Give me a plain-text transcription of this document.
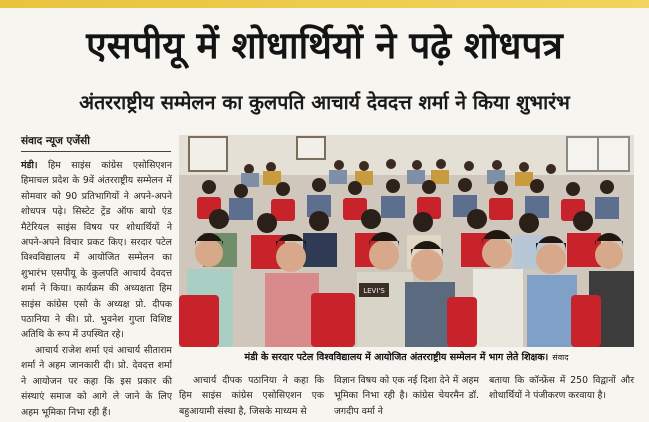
एसपीयू में शोधार्थियों ने पढ़े शोधपत्र
अंतरराष्ट्रीय सम्मेलन का कुलपति आचार्य देवदत्त शर्मा ने किया शुभारंभ
संवाद न्यूज एजेंसी

मंडी। हिम साइंस कांग्रेस एसोसिएशन हिमाचल प्रदेश के 9वें अंतरराष्ट्रीय सम्मेलन में सोमवार को 90 प्रतिभागियों ने अपने-अपने शोधपत्र पढ़े। सिस्टेट ट्रेंड ऑफ बायो एंड मैटेरियल साइंस विषय पर शोधार्थियों ने अपने-अपने विचार प्रकट किए। सरदार पटेल विश्वविद्यालय में आयोजित सम्मेलन का शुभारंभ एसपीयू के कुलपति आचार्य देवदत्त शर्मा ने किया। कार्यक्रम की अध्यक्षता हिम साइंस कांग्रेस एसो के अध्यक्ष प्रो. दीपक पठानिया ने की। प्रो. भुवनेश गुप्ता विशिष्ट अतिथि के रूप में उपस्थित रहे।

आचार्य राजेश शर्मा एवं आचार्य सीताराम शर्मा ने अहम जानकारी दी। प्रो. देवदत्त शर्मा ने आयोजन पर कहा कि इस प्रकार की संस्थाएं समाज को आगे ले जाने के लिए अहम भूमिका निभा रही हैं।

LEVI'S
मंडी के सरदार पटेल विश्वविद्यालय में आयोजित अंतरराष्ट्रीय सम्मेलन में भाग लेते शिक्षक। संवाद

आचार्य दीपक पठानिया ने कहा कि हिम साइंस कांग्रेस एसोसिएशन एक बहुआयामी संस्था है, जिसके माध्यम से

विज्ञान विषय को एक नई दिशा देने में अहम भूमिका निभा रही है। कांग्रेस चेयरमैन डॉ. जगदीप वर्मा ने

बताया कि कॉन्फ्रेंस में 250 विद्वानों और शोधार्थियों ने पंजीकरण करवाया है।
